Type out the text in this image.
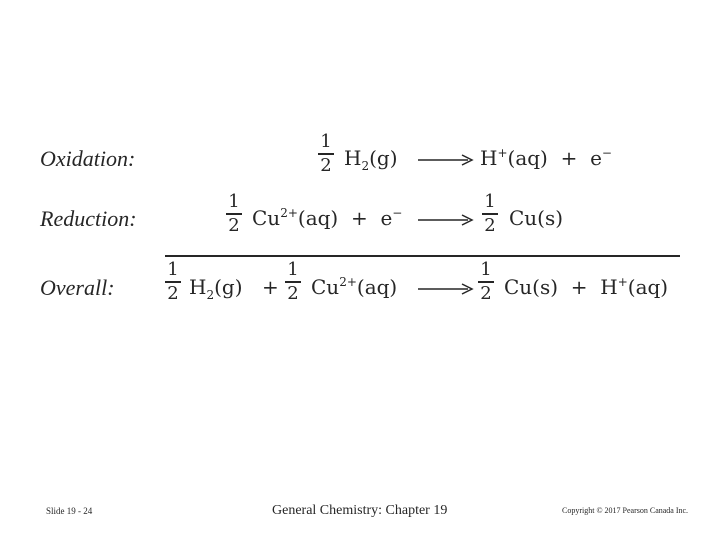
Oxidation:
1
2 $H_2(g) \to H^+(aq) + e^-$
Reduction:
1
2 $Cu^{2+}(aq) + e^-$ →
1
2 Cu(s)
Overall:
1
2 $H_2(g)$ +
1
2 $Cu^{2+}(aq)$ →
1
2 Cu(s) + H+(aq)
Slide 19 - 24	General Chemistry: Chapter 19	Copyright © 2017 Pearson Canada Inc.
